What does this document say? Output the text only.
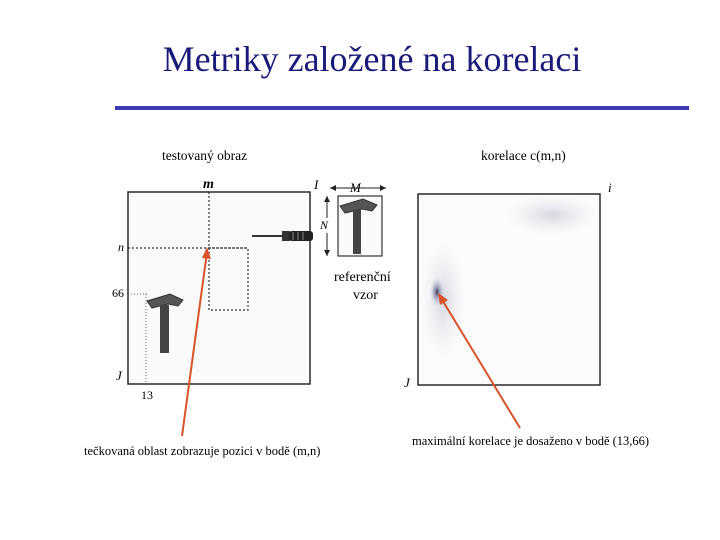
Metriky založené na korelaci
testovaný obraz	korelace c(m,n)
m	I
n
66
J
13
M
N
referenční
vzor
i
J
tečkovaná oblast zobrazuje pozici v bodě (m,n)
maximální korelace je dosaženo v bodě (13,66)
